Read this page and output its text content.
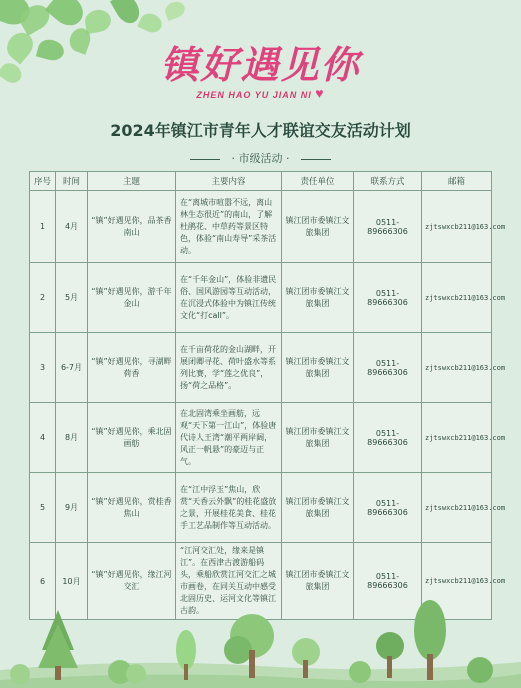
镇好遇见你
ZHEN HAO YU JIAN NI ♥
2024年镇江市青年人才联谊交友活动计划
· 市级活动 ·
序号	时间	主题	主要内容	责任单位	联系方式	邮箱
1	4月	“镇”好遇见你，品茶香南山	在“离城市喧嚣不远，离山林生态很近”的南山，了解杜鹃花、中草药等景区特色，体验“南山寿导”采茶活动。	镇江团市委镇江文旅集团	0511-89666306	zjtswxcb211@163.com
2	5月	“镇”好遇见你，游千年金山	在“千年金山”，体验非遗民俗、国风游园等互动活动，在沉浸式体验中为镇江传统文化“打call”。	镇江团市委镇江文旅集团	0511-89666306	zjtswxcb211@163.com
3	6-7月	“镇”好遇见你，寻湖畔荷香	在千亩荷花的金山湖畔，开展闭卿寻花、荷叶盛水等系列比赛，学“莲之优良”，扬“荷之品格”。	镇江团市委镇江文旅集团	0511-89666306	zjtswxcb211@163.com
4	8月	“镇”好遇见你，乘北固画舫	在北固湾乘坐画舫，远观“天下第一江山”，体验唐代诗人王湾“潮平两岸阔，风正一帆悬”的豪迈与正气。	镇江团市委镇江文旅集团	0511-89666306	zjtswxcb211@163.com
5	9月	“镇”好遇见你，赏桂香焦山	在“江中浮玉”焦山，欣赏“天香云外飘”的桂花盛放之景，开展桂花美食、桂花手工艺品制作等互动活动。	镇江团市委镇江文旅集团	0511-89666306	zjtswxcb211@163.com
6	10月	“镇”好遇见你，缘江河交汇	“江河交汇处，缘来是镇江”。在西津古渡游船码头，乘船欣赏江河交汇之城市画卷，在同关互动中感受北固历史、运河文化等镇江古韵。	镇江团市委镇江文旅集团	0511-89666306	zjtswxcb211@163.com
